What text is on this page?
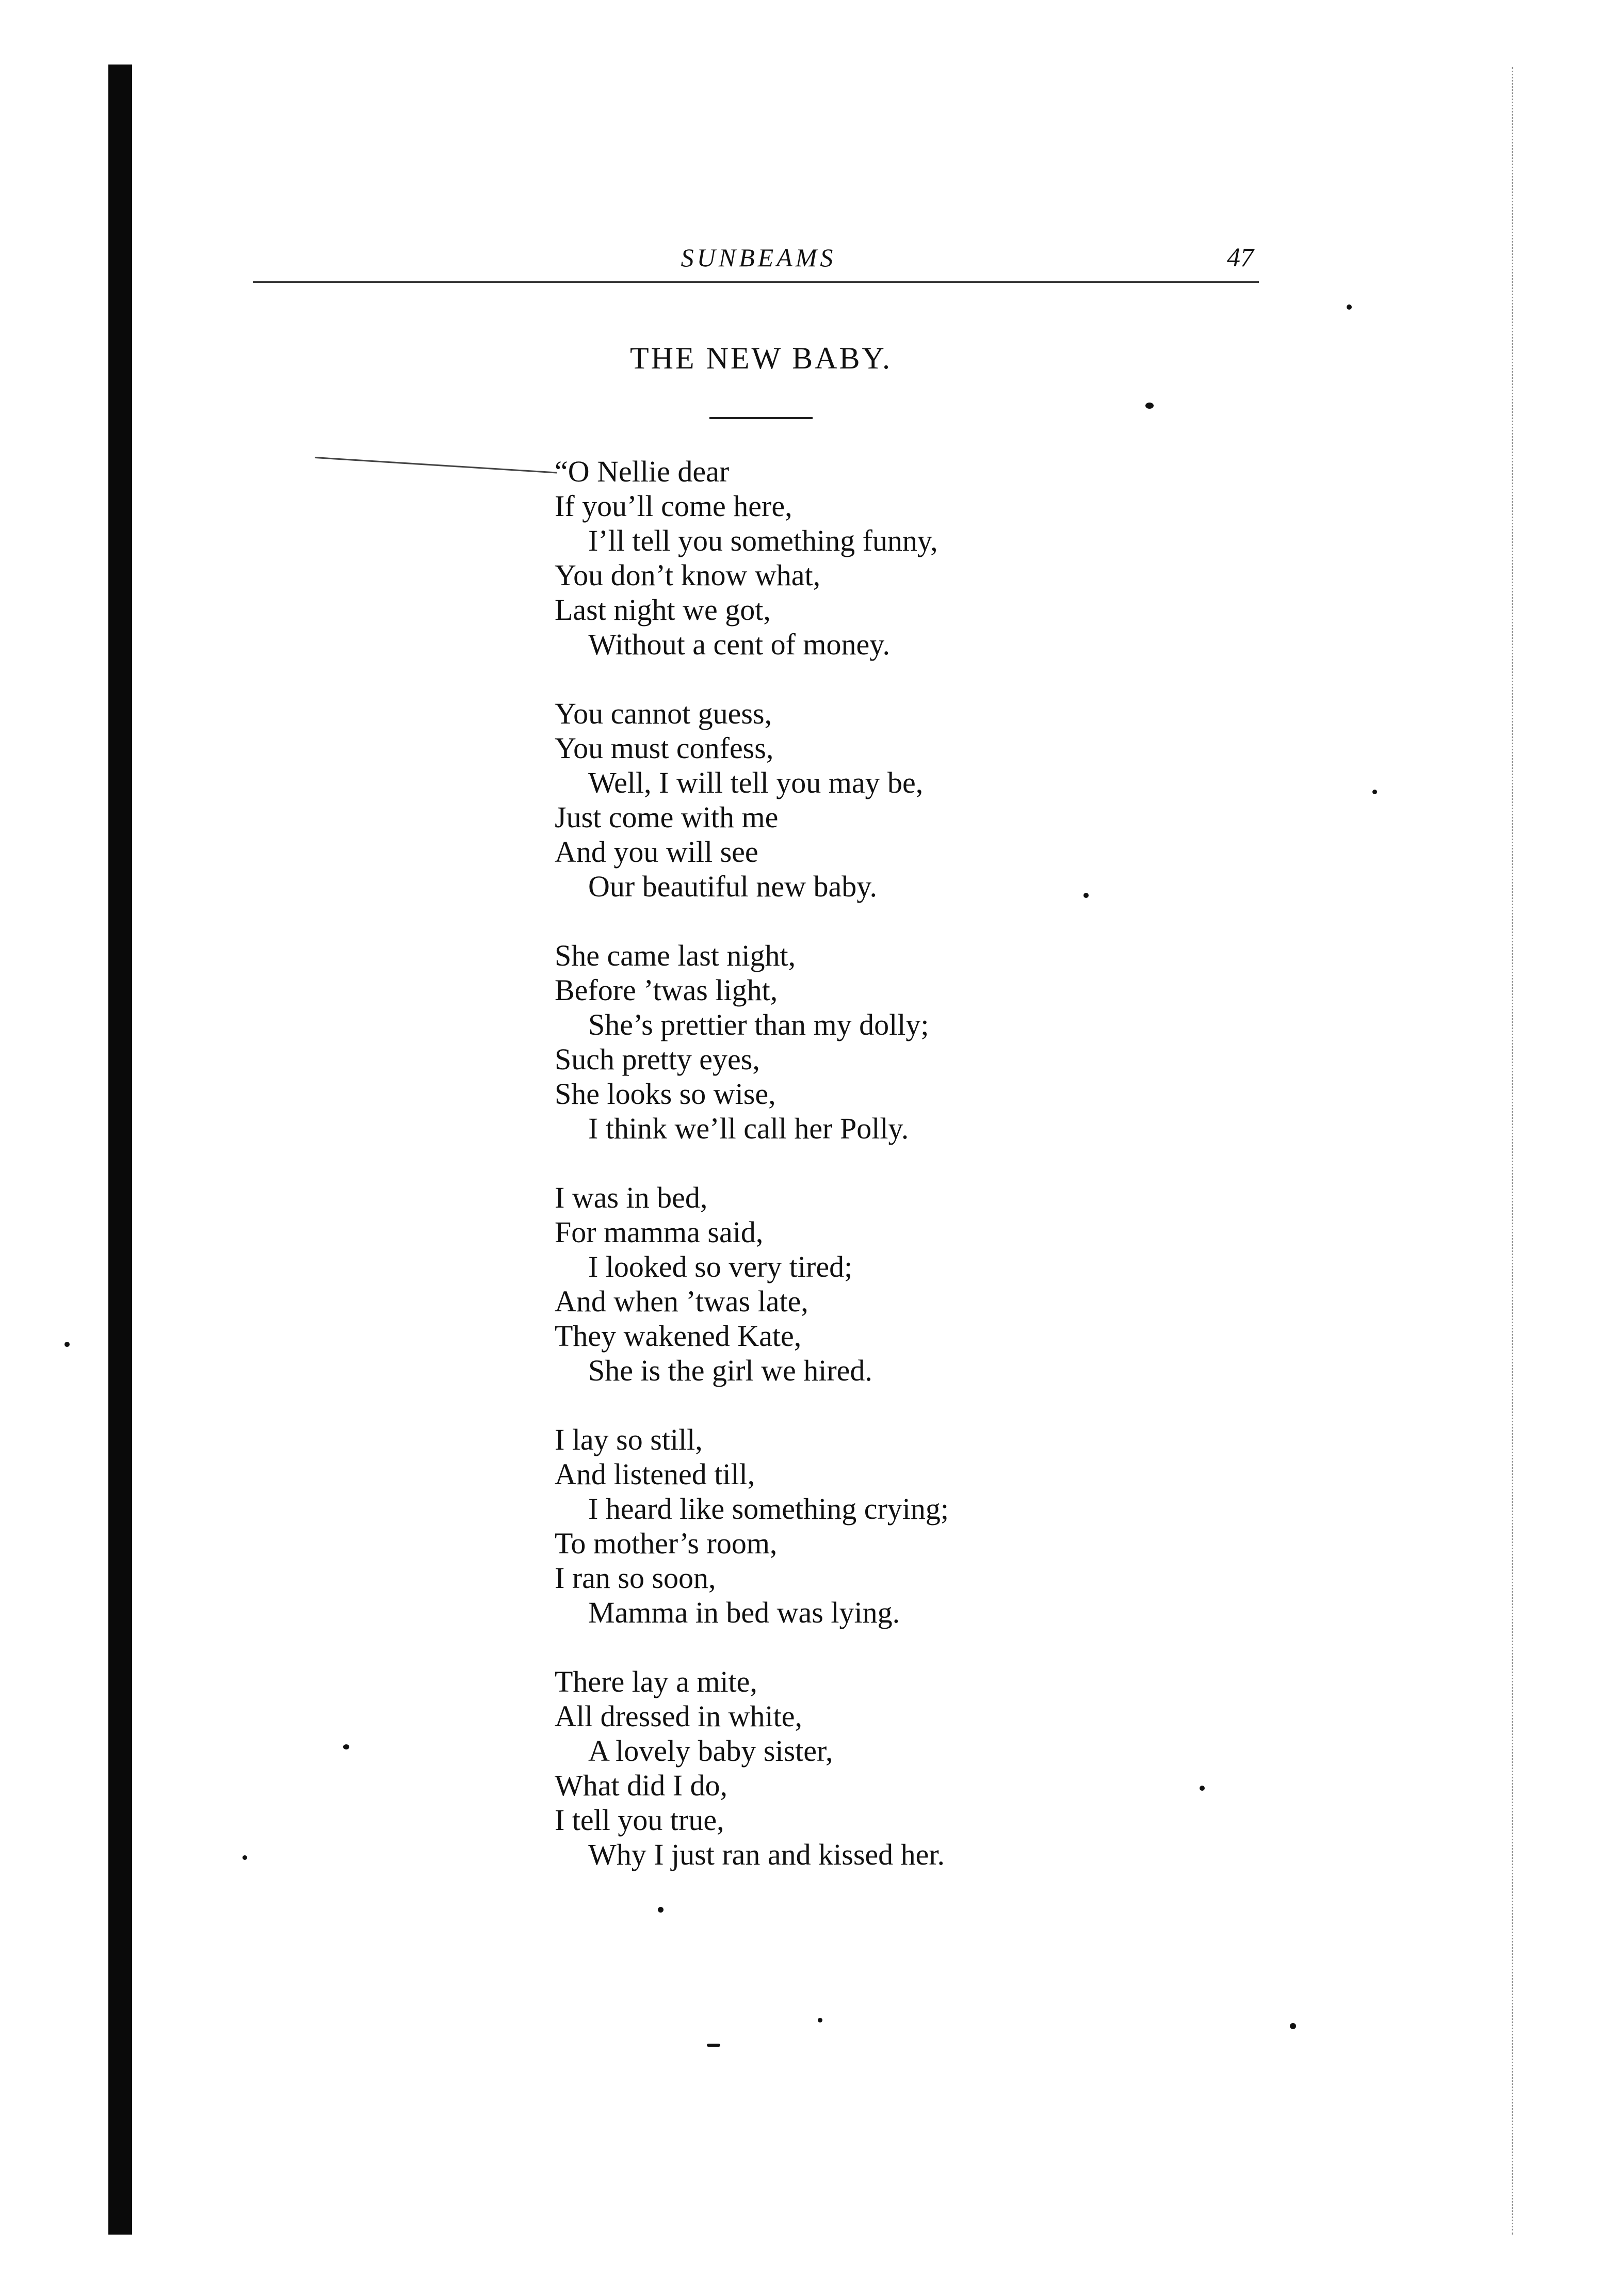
SUNBEAMS	47
THE NEW BABY.
“O Nellie dear
If you’ll come here,
I’ll tell you something funny,
You don’t know what,
Last night we got,
Without a cent of money.
You cannot guess,
You must confess,
Well, I will tell you may be,
Just come with me
And you will see
Our beautiful new baby.
She came last night,
Before ’twas light,
She’s prettier than my dolly;
Such pretty eyes,
She looks so wise,
I think we’ll call her Polly.
I was in bed,
For mamma said,
I looked so very tired;
And when ’twas late,
They wakened Kate,
She is the girl we hired.
I lay so still,
And listened till,
I heard like something crying;
To mother’s room,
I ran so soon,
Mamma in bed was lying.
There lay a mite,
All dressed in white,
A lovely baby sister,
What did I do,
I tell you true,
Why I just ran and kissed her.
